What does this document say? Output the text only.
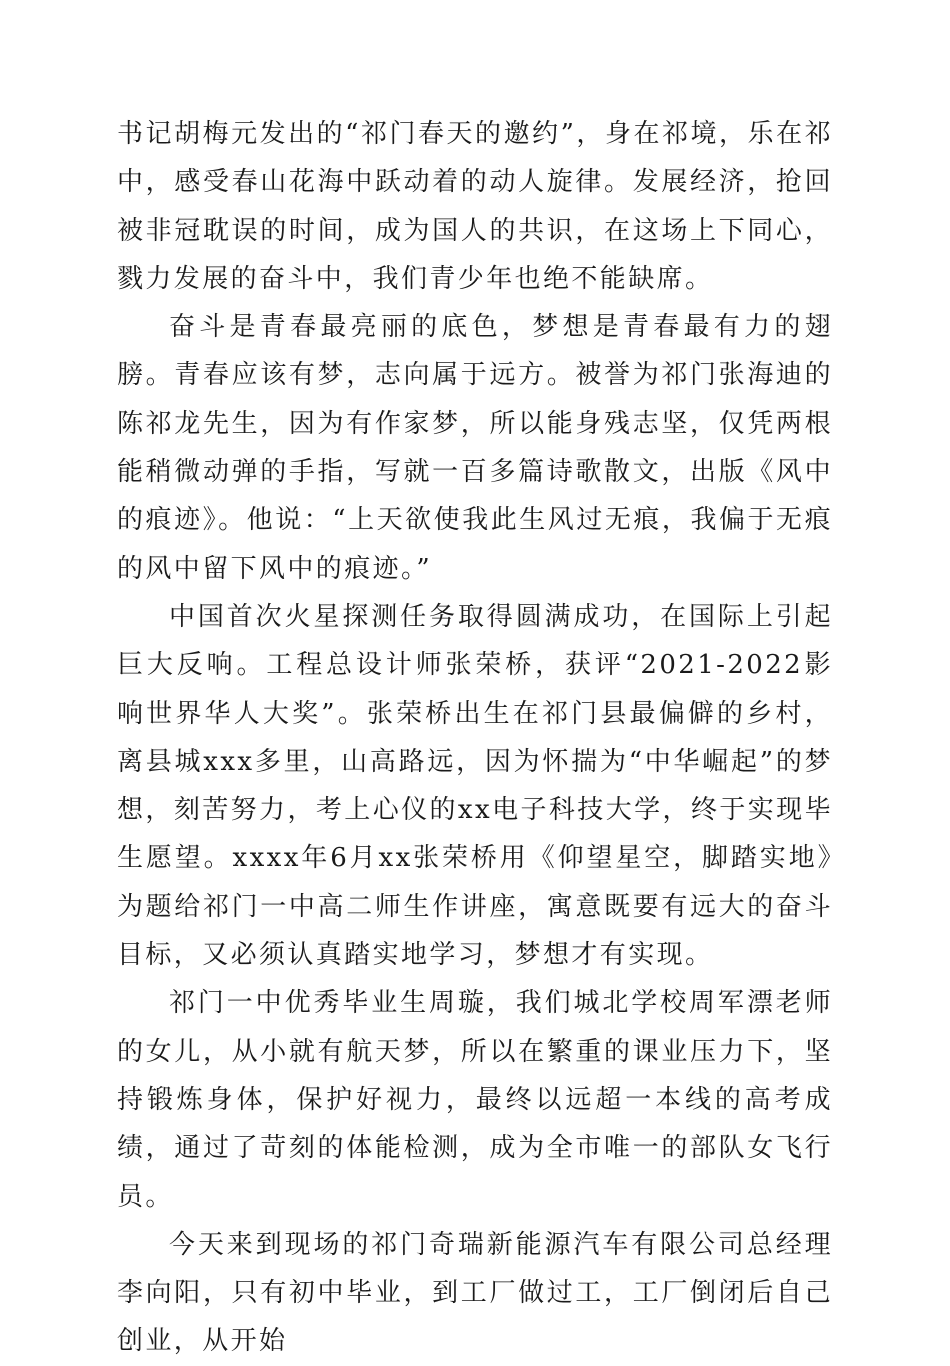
书记胡梅元发出的“祁门春天的邀约”，身在祁境，乐在祁中，感受春山花海中跃动着的动人旋律。发展经济，抢回被非冠耽误的时间，成为国人的共识，在这场上下同心，戮力发展的奋斗中，我们青少年也绝不能缺席。

奋斗是青春最亮丽的底色，梦想是青春最有力的翅膀。青春应该有梦，志向属于远方。被誉为祁门张海迪的陈祁龙先生，因为有作家梦，所以能身残志坚，仅凭两根能稍微动弹的手指，写就一百多篇诗歌散文，出版《风中的痕迹》。他说：“上天欲使我此生风过无痕，我偏于无痕的风中留下风中的痕迹。”

中国首次火星探测任务取得圆满成功，在国际上引起巨大反响。工程总设计师张荣桥，获评“2021-2022影响世界华人大奖”。张荣桥出生在祁门县最偏僻的乡村，离县城xxx多里，山高路远，因为怀揣为“中华崛起”的梦想，刻苦努力，考上心仪的xx电子科技大学，终于实现毕生愿望。xxxx年6月xx张荣桥用《仰望星空，脚踏实地》为题给祁门一中高二师生作讲座，寓意既要有远大的奋斗目标，又必须认真踏实地学习，梦想才有实现。

祁门一中优秀毕业生周璇，我们城北学校周军漂老师的女儿，从小就有航天梦，所以在繁重的课业压力下，坚持锻炼身体，保护好视力，最终以远超一本线的高考成绩，通过了苛刻的体能检测，成为全市唯一的部队女飞行员。

今天来到现场的祁门奇瑞新能源汽车有限公司总经理李向阳，只有初中毕业，到工厂做过工，工厂倒闭后自己创业，从开始
